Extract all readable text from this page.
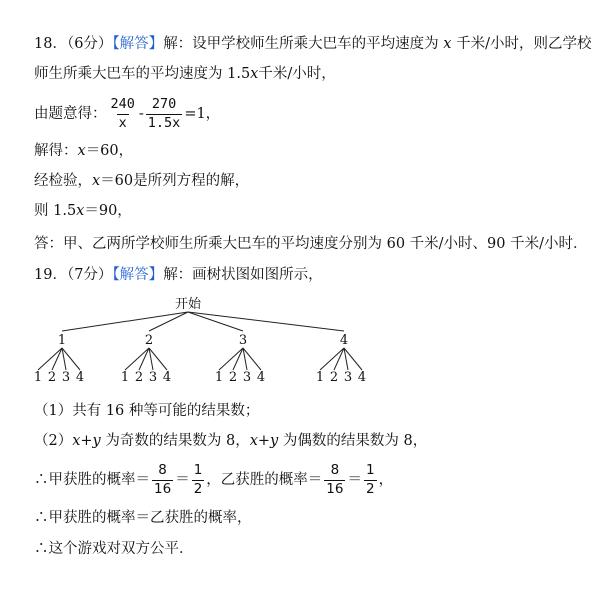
18．（6分）【解答】解：设甲学校师生所乘大巴车的平均速度为 x 千米/小时，则乙学校
师生所乘大巴车的平均速度为 1.5x千米/小时，
由题意得： $\frac{240}{x} - \frac{270}{1.5x} =1$，
解得：x＝60，
经检验，x＝60是所列方程的解，
则 1.5x＝90，
答：甲、乙两所学校师生所乘大巴车的平均速度分别为 60 千米/小时、90 千米/小时．
19．（7分）【解答】解：画树状图如图所示，
开始
1
1 2 3 4
2
1 2 3 4
3
1 2 3 4
4
1 2 3 4
（1）共有 16 种等可能的结果数；
（2）x+y 为奇数的结果数为 8，x+y 为偶数的结果数为 8，
∴甲获胜的概率＝ $\frac{8}{16} = \frac{1}{2}$ ，乙获胜的概率＝ $\frac{8}{16} = \frac{1}{2}$ ，
∴甲获胜的概率＝乙获胜的概率，
∴这个游戏对双方公平．
